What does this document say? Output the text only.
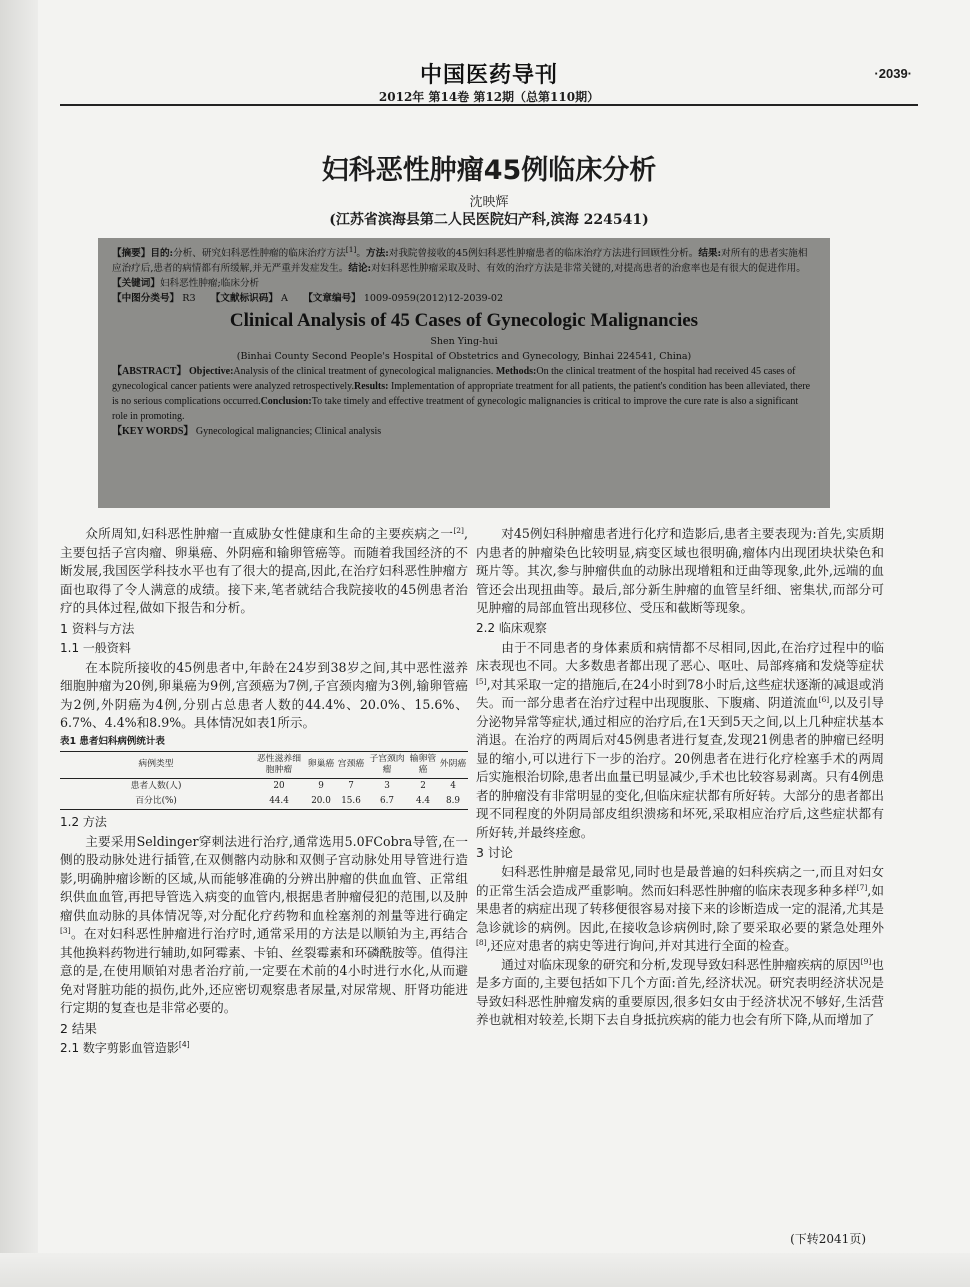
中国医药导刊	·2039·
2012年 第14卷 第12期（总第110期）
妇科恶性肿瘤45例临床分析
沈映辉
(江苏省滨海县第二人民医院妇产科,滨海 224541)

【摘要】目的:分析、研究妇科恶性肿瘤的临床治疗方法[1]。方法:对我院曾接收的45例妇科恶性肿瘤患者的临床治疗方法进行回顾性分析。结果:对所有的患者实施相应治疗后,患者的病情都有所缓解,并无严重并发症发生。结论:对妇科恶性肿瘤采取及时、有效的治疗方法是非常关键的,对提高患者的治愈率也是有很大的促进作用。

【关键词】妇科恶性肿瘤;临床分析

【中图分类号】 R3 【文献标识码】 A 【文章编号】 1009-0959(2012)12-2039-02

Clinical Analysis of 45 Cases of Gynecologic Malignancies
Shen Ying-hui
(Binhai County Second People's Hospital of Obstetrics and Gynecology, Binhai 224541, China)

【ABSTRACT】 Objective:Analysis of the clinical treatment of gynecological malignancies. Methods:On the clinical treatment of the hospital had received 45 cases of gynecological cancer patients were analyzed retrospectively.Results: Implementation of appropriate treatment for all patients, the patient's condition has been alleviated, there is no serious complications occurred.Conclusion:To take timely and effective treatment of gynecologic malignancies is critical to improve the cure rate is also a significant role in promoting.

【KEY WORDS】 Gynecological malignancies; Clinical analysis

众所周知,妇科恶性肿瘤一直威胁女性健康和生命的主要疾病之一[2],主要包括子宫肉瘤、卵巢癌、外阴癌和输卵管癌等。而随着我国经济的不断发展,我国医学科技水平也有了很大的提高,因此,在治疗妇科恶性肿瘤方面也取得了令人满意的成绩。接下来,笔者就结合我院接收的45例患者治疗的具体过程,做如下报告和分析。

1 资料与方法

1.1 一般资料

在本院所接收的45例患者中,年龄在24岁到38岁之间,其中恶性滋养细胞肿瘤为20例,卵巢癌为9例,宫颈癌为7例,子宫颈肉瘤为3例,输卵管癌为2例,外阴癌为4例,分别占总患者人数的44.4%、20.0%、15.6%、6.7%、4.4%和8.9%。具体情况如表1所示。

表1 患者妇科病例统计表

病例类型	恶性滋养细胞肿瘤	卵巢癌	宫颈癌	子宫颈肉瘤	输卵管癌	外阴癌
患者人数(人)	20	9	7	3	2	4
百分比(%)	44.4	20.0	15.6	6.7	4.4	8.9

1.2 方法

主要采用Seldinger穿刺法进行治疗,通常选用5.0FCobra导管,在一侧的股动脉处进行插管,在双侧髂内动脉和双侧子宫动脉处用导管进行造影,明确肿瘤诊断的区域,从而能够准确的分辨出肿瘤的供血血管、正常组织供血血管,再把导管选入病变的血管内,根据患者肿瘤侵犯的范围,以及肿瘤供血动脉的具体情况等,对分配化疗药物和血栓塞剂的剂量等进行确定[3]。在对妇科恶性肿瘤进行治疗时,通常采用的方法是以顺铂为主,再结合其他换料药物进行辅助,如阿霉素、卡铂、丝裂霉素和环磷酰胺等。值得注意的是,在使用顺铂对患者治疗前,一定要在术前的4小时进行水化,从而避免对肾脏功能的损伤,此外,还应密切观察患者尿量,对尿常规、肝肾功能进行定期的复查也是非常必要的。

2 结果

2.1 数字剪影血管造影[4]

对45例妇科肿瘤患者进行化疗和造影后,患者主要表现为:首先,实质期内患者的肿瘤染色比较明显,病变区域也很明确,瘤体内出现团块状染色和斑片等。其次,参与肿瘤供血的动脉出现增粗和迂曲等现象,此外,远端的血管还会出现扭曲等。最后,部分新生肿瘤的血管呈纤细、密集状,而部分可见肿瘤的局部血管出现移位、受压和截断等现象。

2.2 临床观察

由于不同患者的身体素质和病情都不尽相同,因此,在治疗过程中的临床表现也不同。大多数患者都出现了恶心、呕吐、局部疼痛和发烧等症状[5],对其采取一定的措施后,在24小时到78小时后,这些症状逐渐的减退或消失。而一部分患者在治疗过程中出现腹胀、下腹痛、阴道流血[6],以及引导分泌物异常等症状,通过相应的治疗后,在1天到5天之间,以上几种症状基本消退。在治疗的两周后对45例患者进行复查,发现21例患者的肿瘤已经明显的缩小,可以进行下一步的治疗。20例患者在进行化疗栓塞手术的两周后实施根治切除,患者出血量已明显减少,手术也比较容易剥离。只有4例患者的肿瘤没有非常明显的变化,但临床症状都有所好转。大部分的患者都出现不同程度的外阴局部皮组织溃疡和坏死,采取相应治疗后,这些症状都有所好转,并最终痊愈。

3 讨论

妇科恶性肿瘤是最常见,同时也是最普遍的妇科疾病之一,而且对妇女的正常生活会造成严重影响。然而妇科恶性肿瘤的临床表现多种多样[7],如果患者的病症出现了转移便很容易对接下来的诊断造成一定的混淆,尤其是急诊就诊的病例。因此,在接收急诊病例时,除了要采取必要的紧急处理外[8],还应对患者的病史等进行询问,并对其进行全面的检查。

通过对临床现象的研究和分析,发现导致妇科恶性肿瘤疾病的原因[9]也是多方面的,主要包括如下几个方面:首先,经济状况。研究表明经济状况是导致妇科恶性肿瘤发病的重要原因,很多妇女由于经济状况不够好,生活营养也就相对较差,长期下去自身抵抗疾病的能力也会有所下降,从而增加了

(下转2041页)
